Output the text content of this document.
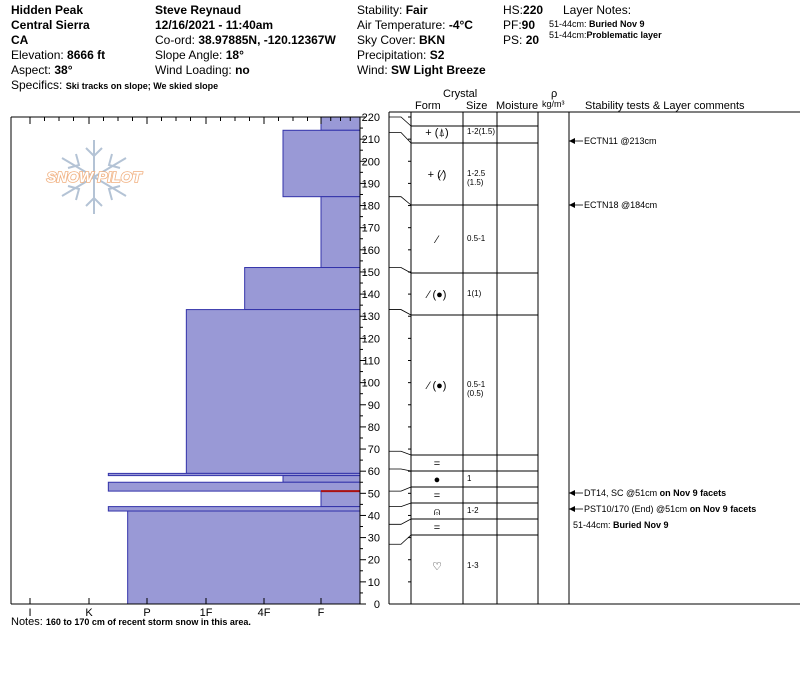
Hidden Peak
Central Sierra
CA
Elevation: 8666 ft
Aspect: 38°
Specifics: Ski tracks on slope; We skied slope
Steve Reynaud
12/16/2021 - 11:40am
Co-ord: 38.97885N, -120.12367W
Slope Angle: 18°
Wind Loading: no
Stability: Fair
Air Temperature: -4°C
Sky Cover: BKN
Precipitation: S2
Wind: SW Light Breeze
HS:220
PF:90
PS: 20
Layer Notes:
51-44cm: Buried Nov 9
51-44cm:Problematic layer
Crystal
Form Size Moisture
ρ
kg/m³ Stability tests & Layer comments
Notes: 160 to 170 cm of recent storm snow in this area.
SNOW PILOT
I	K	P	1F	4F	F
0
10
20
30
40
50
60
70
80
90
100
110
120
130
140
150
160
170
180
190
200
210
220
+ (⍋) 1-2(1.5)
+ (⁄)	1-2.5
(1.5)
⁄	0.5-1
⁄ (●)	1(1)
⁄ (●)	0.5-1
(0.5)
=
●	1
=
⍝	1-2
=
♡	1-3
ECTN11 @213cm
ECTN18 @184cm
DT14, SC @51cm on Nov 9 facets
PST10/170 (End) @51cm on Nov 9 facets
51-44cm: Buried Nov 9
